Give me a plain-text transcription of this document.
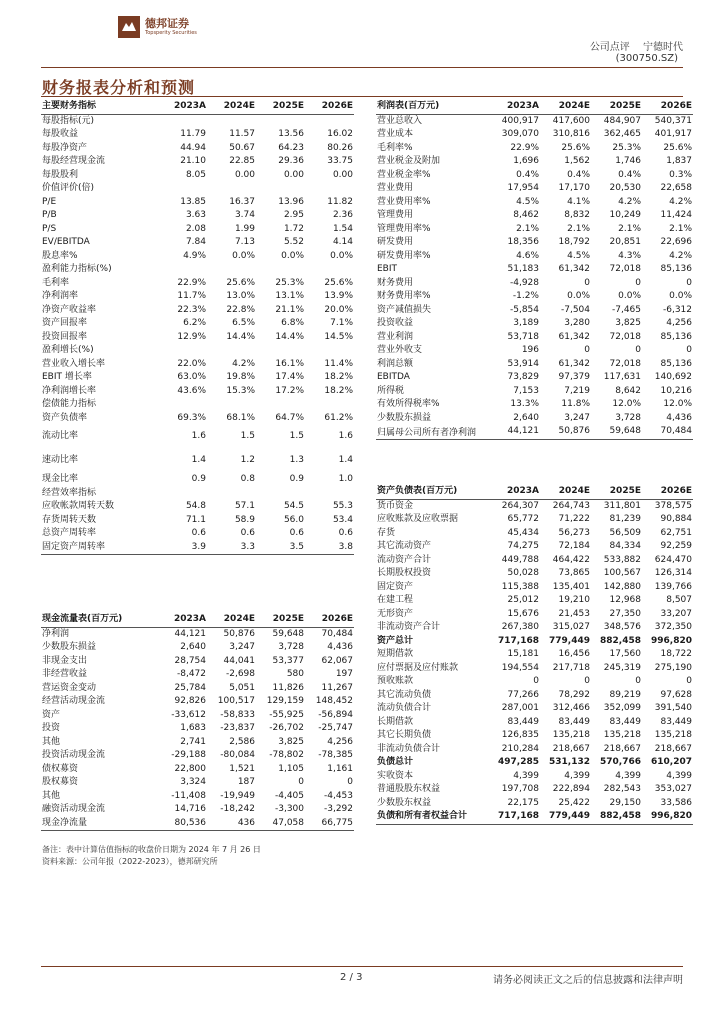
德邦证券
Topsperity Securities
公司点评 宁德时代
(300750.SZ)
财务报表分析和预测
主要财务指标	2023A	2024E	2025E	2026E
每股指标(元)				
每股收益	11.79	11.57	13.56	16.02
每股净资产	44.94	50.67	64.23	80.26
每股经营现金流	21.10	22.85	29.36	33.75
每股股利	8.05	0.00	0.00	0.00
价值评价(倍)				
P/E	13.85	16.37	13.96	11.82
P/B	3.63	3.74	2.95	2.36
P/S	2.08	1.99	1.72	1.54
EV/EBITDA	7.84	7.13	5.52	4.14
股息率%	4.9%	0.0%	0.0%	0.0%
盈利能力指标(%)				
毛利率	22.9%	25.6%	25.3%	25.6%
净利润率	11.7%	13.0%	13.1%	13.9%
净资产收益率	22.3%	22.8%	21.1%	20.0%
资产回报率	6.2%	6.5%	6.8%	7.1%
投资回报率	12.9%	14.4%	14.4%	14.5%
盈利增长(%)				
营业收入增长率	22.0%	4.2%	16.1%	11.4%
EBIT 增长率	63.0%	19.8%	17.4%	18.2%
净利润增长率	43.6%	15.3%	17.2%	18.2%
偿债能力指标				
资产负债率	69.3%	68.1%	64.7%	61.2%
流动比率	1.6	1.5	1.5	1.6
速动比率	1.4	1.2	1.3	1.4
现金比率	0.9	0.8	0.9	1.0
经营效率指标				
应收帐款周转天数	54.8	57.1	54.5	55.3
存货周转天数	71.1	58.9	56.0	53.4
总资产周转率	0.6	0.6	0.6	0.6
固定资产周转率	3.9	3.3	3.5	3.8
利润表(百万元)	2023A	2024E	2025E	2026E
营业总收入	400,917	417,600	484,907	540,371
营业成本	309,070	310,816	362,465	401,917
毛利率%	22.9%	25.6%	25.3%	25.6%
营业税金及附加	1,696	1,562	1,746	1,837
营业税金率%	0.4%	0.4%	0.4%	0.3%
营业费用	17,954	17,170	20,530	22,658
营业费用率%	4.5%	4.1%	4.2%	4.2%
管理费用	8,462	8,832	10,249	11,424
管理费用率%	2.1%	2.1%	2.1%	2.1%
研发费用	18,356	18,792	20,851	22,696
研发费用率%	4.6%	4.5%	4.3%	4.2%
EBIT	51,183	61,342	72,018	85,136
财务费用	-4,928	0	0	0
财务费用率%	-1.2%	0.0%	0.0%	0.0%
资产减值损失	-5,854	-7,504	-7,465	-6,312
投资收益	3,189	3,280	3,825	4,256
营业利润	53,718	61,342	72,018	85,136
营业外收支	196	0	0	0
利润总额	53,914	61,342	72,018	85,136
EBITDA	73,829	97,379	117,631	140,692
所得税	7,153	7,219	8,642	10,216
有效所得税率%	13.3%	11.8%	12.0%	12.0%
少数股东损益	2,640	3,247	3,728	4,436
归属母公司所有者净利润	44,121	50,876	59,648	70,484
现金流量表(百万元)	2023A	2024E	2025E	2026E
净利润	44,121	50,876	59,648	70,484
少数股东损益	2,640	3,247	3,728	4,436
非现金支出	28,754	44,041	53,377	62,067
非经营收益	-8,472	-2,698	580	197
营运资金变动	25,784	5,051	11,826	11,267
经营活动现金流	92,826	100,517	129,159	148,452
资产	-33,612	-58,833	-55,925	-56,894
投资	1,683	-23,837	-26,702	-25,747
其他	2,741	2,586	3,825	4,256
投资活动现金流	-29,188	-80,084	-78,802	-78,385
债权募资	22,800	1,521	1,105	1,161
股权募资	3,324	187	0	0
其他	-11,408	-19,949	-4,405	-4,453
融资活动现金流	14,716	-18,242	-3,300	-3,292
现金净流量	80,536	436	47,058	66,775
资产负债表(百万元)	2023A	2024E	2025E	2026E
货币资金	264,307	264,743	311,801	378,575
应收账款及应收票据	65,772	71,222	81,239	90,884
存货	45,434	56,273	56,509	62,751
其它流动资产	74,275	72,184	84,334	92,259
流动资产合计	449,788	464,422	533,882	624,470
长期股权投资	50,028	73,865	100,567	126,314
固定资产	115,388	135,401	142,880	139,766
在建工程	25,012	19,210	12,968	8,507
无形资产	15,676	21,453	27,350	33,207
非流动资产合计	267,380	315,027	348,576	372,350
资产总计	717,168	779,449	882,458	996,820
短期借款	15,181	16,456	17,560	18,722
应付票据及应付账款	194,554	217,718	245,319	275,190
预收账款	0	0	0	0
其它流动负债	77,266	78,292	89,219	97,628
流动负债合计	287,001	312,466	352,099	391,540
长期借款	83,449	83,449	83,449	83,449
其它长期负债	126,835	135,218	135,218	135,218
非流动负债合计	210,284	218,667	218,667	218,667
负债总计	497,285	531,132	570,766	610,207
实收资本	4,399	4,399	4,399	4,399
普通股股东权益	197,708	222,894	282,543	353,027
少数股东权益	22,175	25,422	29,150	33,586
负债和所有者权益合计	717,168	779,449	882,458	996,820
备注：表中计算估值指标的收盘价日期为 2024 年 7 月 26 日
资料来源：公司年报（2022-2023），德邦研究所
2 / 3	请务必阅读正文之后的信息披露和法律声明
